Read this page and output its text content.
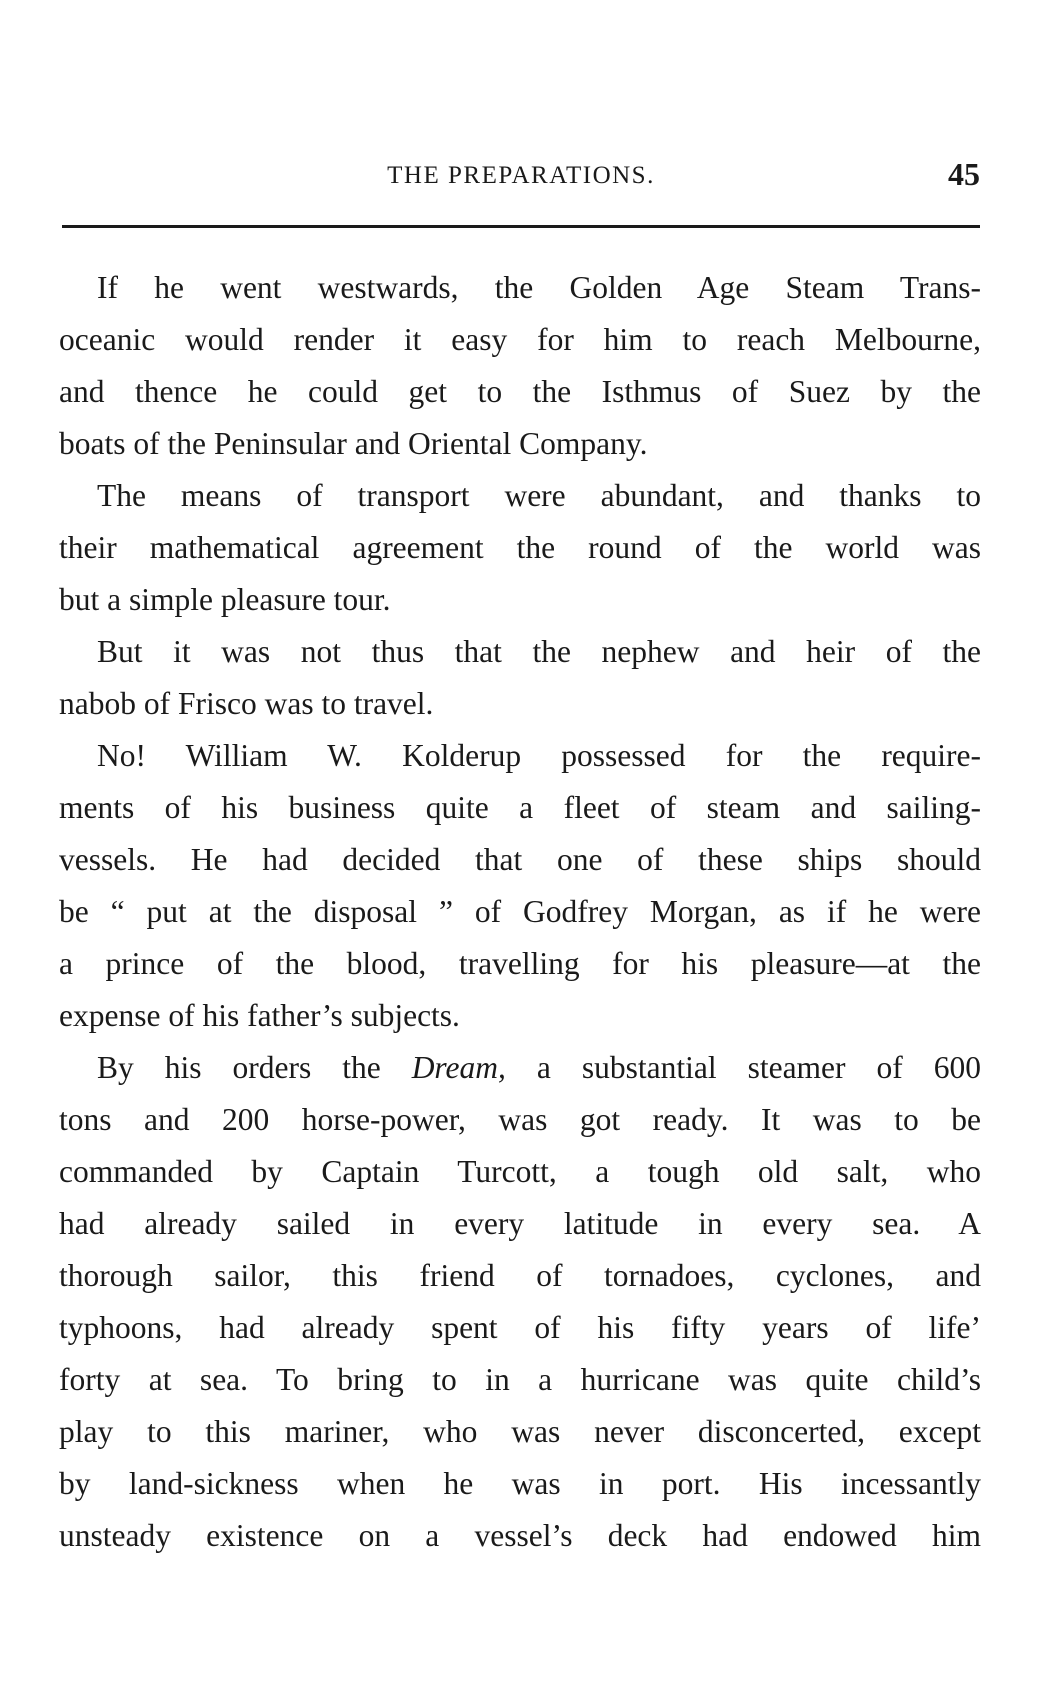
THE PREPARATIONS.	45
If he went westwards, the Golden Age Steam Trans-
oceanic would render it easy for him to reach Melbourne,
and thence he could get to the Isthmus of Suez by the
boats of the Peninsular and Oriental Company.
The means of transport were abundant, and thanks to
their mathematical agreement the round of the world was
but a simple pleasure tour.
But it was not thus that the nephew and heir of the
nabob of Frisco was to travel.
No! William W. Kolderup possessed for the require-
ments of his business quite a fleet of steam and sailing-
vessels. He had decided that one of these ships should
be “ put at the disposal ” of Godfrey Morgan, as if he were
a prince of the blood, travelling for his pleasure—at the
expense of his father’s subjects.
By his orders the Dream, a substantial steamer of 600
tons and 200 horse-power, was got ready. It was to be
commanded by Captain Turcott, a tough old salt, who
had already sailed in every latitude in every sea. A
thorough sailor, this friend of tornadoes, cyclones, and
typhoons, had already spent of his fifty years of life’
forty at sea. To bring to in a hurricane was quite child’s
play to this mariner, who was never disconcerted, except
by land-sickness when he was in port. His incessantly
unsteady existence on a vessel’s deck had endowed him
